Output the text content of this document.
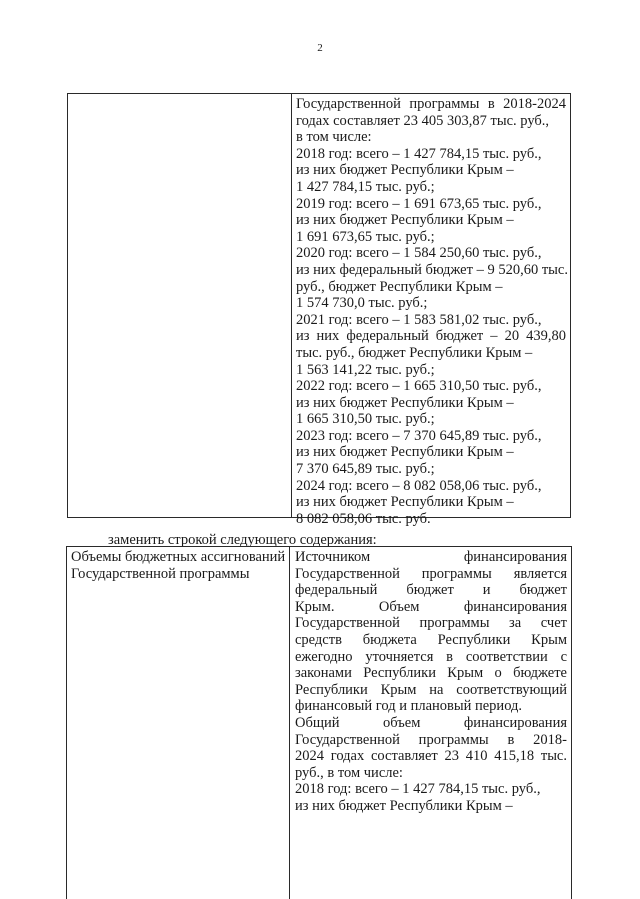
2
Государственной программы в 2018-2024
годах составляет 23 405 303,87 тыс. руб.,
в том числе:
2018 год: всего – 1 427 784,15 тыс. руб.,
из них бюджет Республики Крым –
1 427 784,15 тыс. руб.;
2019 год: всего – 1 691 673,65 тыс. руб.,
из них бюджет Республики Крым –
1 691 673,65 тыс. руб.;
2020 год: всего – 1 584 250,60 тыс. руб.,
из них федеральный бюджет – 9 520,60 тыс.
руб., бюджет Республики Крым –
1 574 730,0 тыс. руб.;
2021 год: всего – 1 583 581,02 тыс. руб.,
из них федеральный бюджет – 20 439,80
тыс. руб., бюджет Республики Крым –
1 563 141,22 тыс. руб.;
2022 год: всего – 1 665 310,50 тыс. руб.,
из них бюджет Республики Крым –
1 665 310,50 тыс. руб.;
2023 год: всего – 7 370 645,89 тыс. руб.,
из них бюджет Республики Крым –
7 370 645,89 тыс. руб.;
2024 год: всего – 8 082 058,06 тыс. руб.,
из них бюджет Республики Крым –
8 082 058,06 тыс. руб.
заменить строкой следующего содержания:
Объемы бюджетных ассигнований
Государственной программы
Источником финансирования
Государственной программы является
федеральный бюджет и бюджет
Крым. Объем финансирования
Государственной программы за счет
средств бюджета Республики Крым
ежегодно уточняется в соответствии с
законами Республики Крым о бюджете
Республики Крым на соответствующий
финансовый год и плановый период.
Общий объем финансирования
Государственной программы в 2018-
2024 годах составляет 23 410 415,18 тыс.
руб., в том числе:
2018 год: всего – 1 427 784,15 тыс. руб.,
из них бюджет Республики Крым –
